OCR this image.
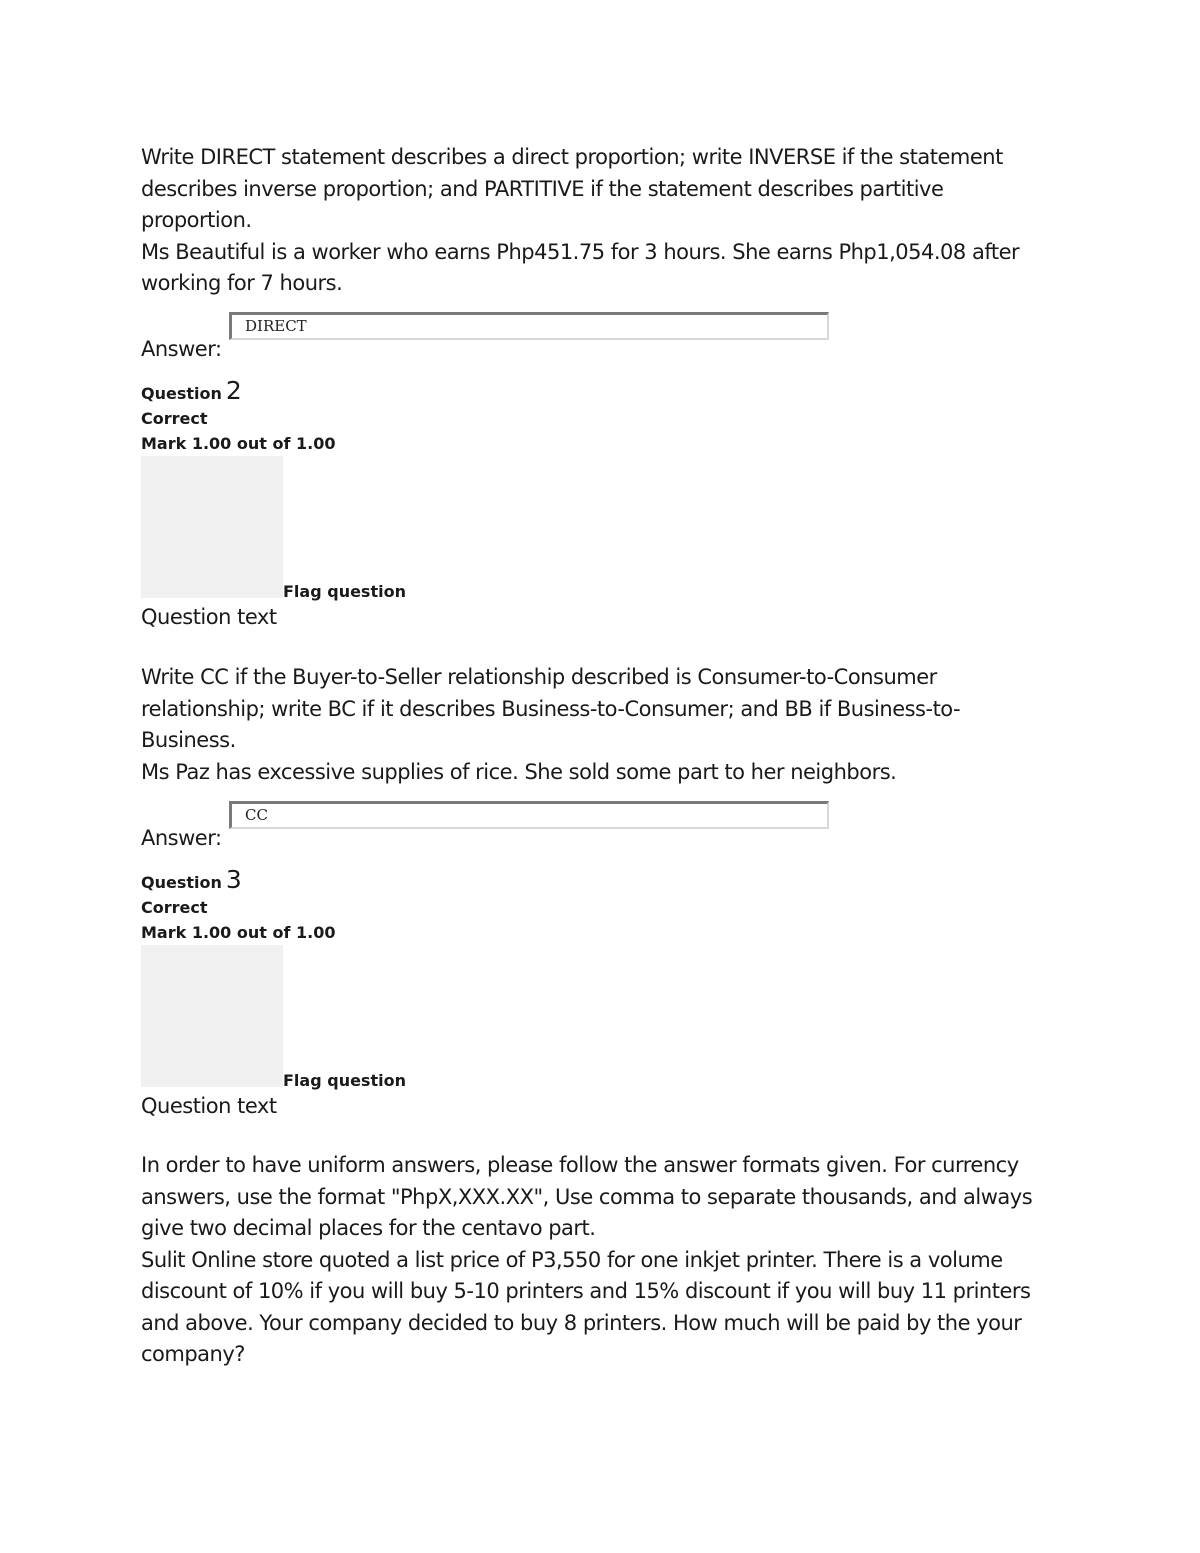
Write DIRECT statement describes a direct proportion; write INVERSE if the statement

describes inverse proportion; and PARTITIVE if the statement describes partitive

proportion.

Ms Beautiful is a worker who earns Php451.75 for 3 hours. She earns Php1,054.08 after

working for 7 hours.

Answer:
DIRECT
Question 2
Correct
Mark 1.00 out of 1.00
Flag question
Question text

Write CC if the Buyer-to-Seller relationship described is Consumer-to-Consumer

relationship; write BC if it describes Business-to-Consumer; and BB if Business-to-

Business.

Ms Paz has excessive supplies of rice. She sold some part to her neighbors.

Answer:
CC
Question 3
Correct
Mark 1.00 out of 1.00
Flag question
Question text

In order to have uniform answers, please follow the answer formats given. For currency

answers, use the format "PhpX,XXX.XX", Use comma to separate thousands, and always

give two decimal places for the centavo part.

Sulit Online store quoted a list price of P3,550 for one inkjet printer. There is a volume

discount of 10% if you will buy 5-10 printers and 15% discount if you will buy 11 printers

and above. Your company decided to buy 8 printers. How much will be paid by the your

company?
